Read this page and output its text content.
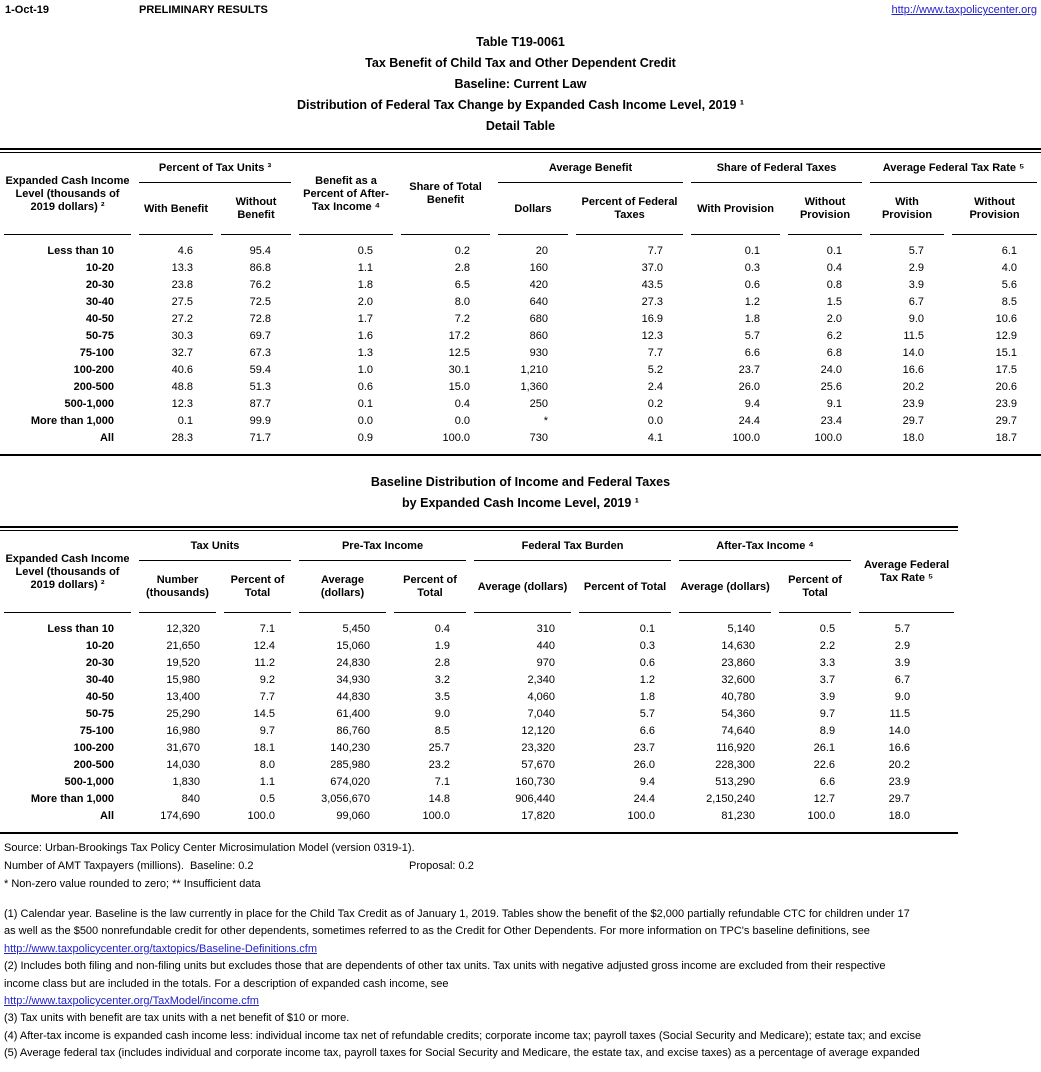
1-Oct-19	PRELIMINARY RESULTS	http://www.taxpolicycenter.org
Table T19-0061
Tax Benefit of Child Tax and Other Dependent Credit
Baseline: Current Law
Distribution of Federal Tax Change by Expanded Cash Income Level, 2019 ¹
Detail Table
Expanded Cash Income Level (thousands of 2019 dollars) ²	Percent of Tax Units ³		Benefit as a Percent of After-Tax Income ⁴	Share of Total Benefit	Average Benefit		Share of Federal Taxes		Average Federal Tax Rate ⁵	
	With Benefit	Without Benefit			Dollars	Percent of Federal Taxes	With Provision	Without Provision	With Provision	Without Provision
Less than 10	4.6	95.4	0.5	0.2	20	7.7	0.1	0.1	5.7	6.1
10-20	13.3	86.8	1.1	2.8	160	37.0	0.3	0.4	2.9	4.0
20-30	23.8	76.2	1.8	6.5	420	43.5	0.6	0.8	3.9	5.6
30-40	27.5	72.5	2.0	8.0	640	27.3	1.2	1.5	6.7	8.5
40-50	27.2	72.8	1.7	7.2	680	16.9	1.8	2.0	9.0	10.6
50-75	30.3	69.7	1.6	17.2	860	12.3	5.7	6.2	11.5	12.9
75-100	32.7	67.3	1.3	12.5	930	7.7	6.6	6.8	14.0	15.1
100-200	40.6	59.4	1.0	30.1	1,210	5.2	23.7	24.0	16.6	17.5
200-500	48.8	51.3	0.6	15.0	1,360	2.4	26.0	25.6	20.2	20.6
500-1,000	12.3	87.7	0.1	0.4	250	0.2	9.4	9.1	23.9	23.9
More than 1,000	0.1	99.9	0.0	0.0	*	0.0	24.4	23.4	29.7	29.7
All	28.3	71.7	0.9	100.0	730	4.1	100.0	100.0	18.0	18.7
Baseline Distribution of Income and Federal Taxes
by Expanded Cash Income Level, 2019 ¹
Expanded Cash Income Level (thousands of 2019 dollars) ²	Tax Units		Pre-Tax Income		Federal Tax Burden		After-Tax Income ⁴		Average Federal Tax Rate ⁵
	Number (thousands)	Percent of Total	Average (dollars)	Percent of Total	Average (dollars)	Percent of Total	Average (dollars)	Percent of Total	
Less than 10	12,320	7.1	5,450	0.4	310	0.1	5,140	0.5	5.7
10-20	21,650	12.4	15,060	1.9	440	0.3	14,630	2.2	2.9
20-30	19,520	11.2	24,830	2.8	970	0.6	23,860	3.3	3.9
30-40	15,980	9.2	34,930	3.2	2,340	1.2	32,600	3.7	6.7
40-50	13,400	7.7	44,830	3.5	4,060	1.8	40,780	3.9	9.0
50-75	25,290	14.5	61,400	9.0	7,040	5.7	54,360	9.7	11.5
75-100	16,980	9.7	86,760	8.5	12,120	6.6	74,640	8.9	14.0
100-200	31,670	18.1	140,230	25.7	23,320	23.7	116,920	26.1	16.6
200-500	14,030	8.0	285,980	23.2	57,670	26.0	228,300	22.6	20.2
500-1,000	1,830	1.1	674,020	7.1	160,730	9.4	513,290	6.6	23.9
More than 1,000	840	0.5	3,056,670	14.8	906,440	24.4	2,150,240	12.7	29.7
All	174,690	100.0	99,060	100.0	17,820	100.0	81,230	100.0	18.0
Source: Urban-Brookings Tax Policy Center Microsimulation Model (version 0319-1).
Number of AMT Taxpayers (millions). Baseline: 0.2	Proposal: 0.2
* Non-zero value rounded to zero; ** Insufficient data
(1) Calendar year. Baseline is the law currently in place for the Child Tax Credit as of January 1, 2019. Tables show the benefit of the $2,000 partially refundable CTC for children under 17
as well as the $500 nonrefundable credit for other dependents, sometimes referred to as the Credit for Other Dependents. For more information on TPC's baseline definitions, see
http://www.taxpolicycenter.org/taxtopics/Baseline-Definitions.cfm
(2) Includes both filing and non-filing units but excludes those that are dependents of other tax units. Tax units with negative adjusted gross income are excluded from their respective
income class but are included in the totals. For a description of expanded cash income, see
http://www.taxpolicycenter.org/TaxModel/income.cfm
(3) Tax units with benefit are tax units with a net benefit of $10 or more.
(4) After-tax income is expanded cash income less: individual income tax net of refundable credits; corporate income tax; payroll taxes (Social Security and Medicare); estate tax; and excise
(5) Average federal tax (includes individual and corporate income tax, payroll taxes for Social Security and Medicare, the estate tax, and excise taxes) as a percentage of average expanded
